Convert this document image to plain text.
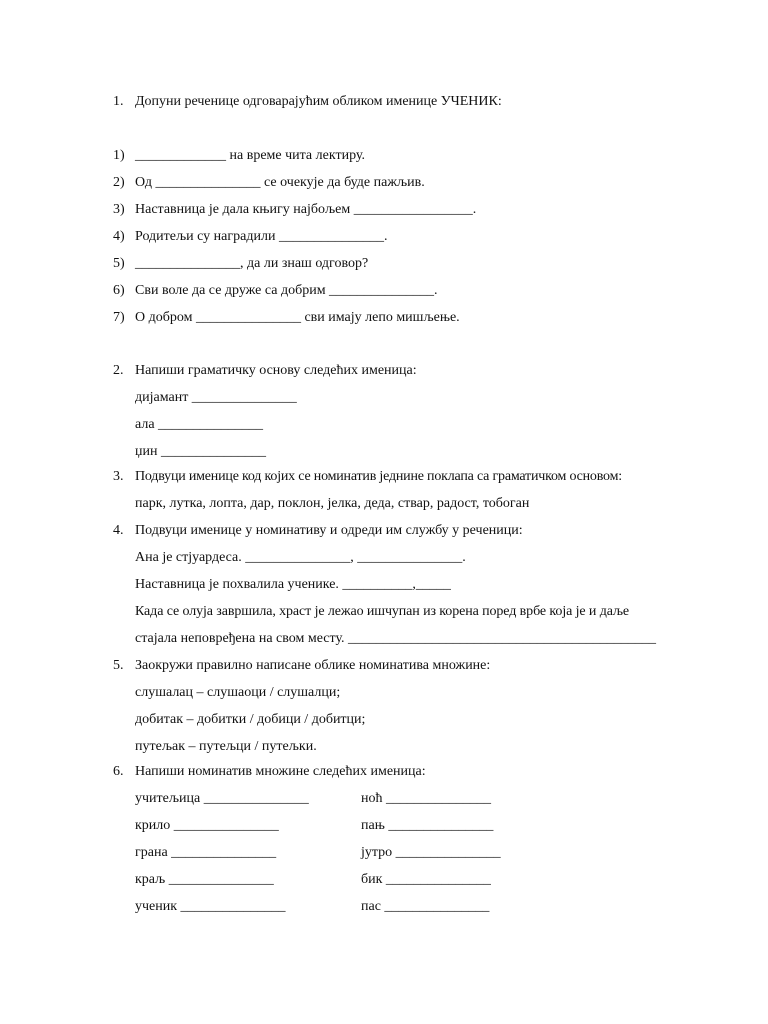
1. Допуни реченице одговарајућим обликом именице УЧЕНИК:
1) _____________ на време чита лектиру.
2) Од _______________ се очекује да буде пажљив.
3) Наставница је дала књигу најбољем _________________.
4) Родитељи су наградили _______________.
5) _______________, да ли знаш одговор?
6) Сви воле да се друже са добрим _______________.
7) О добром _______________ сви имају лепо мишљење.
2. Напиши граматичку основу следећих именица:
дијамант _______________
ала _______________
џин _______________
3. Подвуци именице код којих се номинатив једнине поклапа са граматичком основом:
парк, лутка, лопта, дар, поклон, јелка, деда, ствар, радост, тобоган
4. Подвуци именице у номинативу и одреди им службу у реченици:
Ана је стјуардеса. _______________, _______________.
Наставница је похвалила ученике. __________,_____
Када се олуја завршила, храст је лежао ишчупан из корена поред врбе која је и даље
стајала неповређена на свом месту. ____________________________________________
5. Заокружи правилно написане облике номинатива множине:
слушалац – слушаоци / слушалци;
добитак – добитки / добици / добитци;
путељак – путељци / путељки.
6. Напиши номинатив множине следећих именица:
учитељица _______________	ноћ _______________
крило _______________	пањ _______________
грана _______________	јутро _______________
краљ _______________	бик _______________
ученик _______________	пас _______________
